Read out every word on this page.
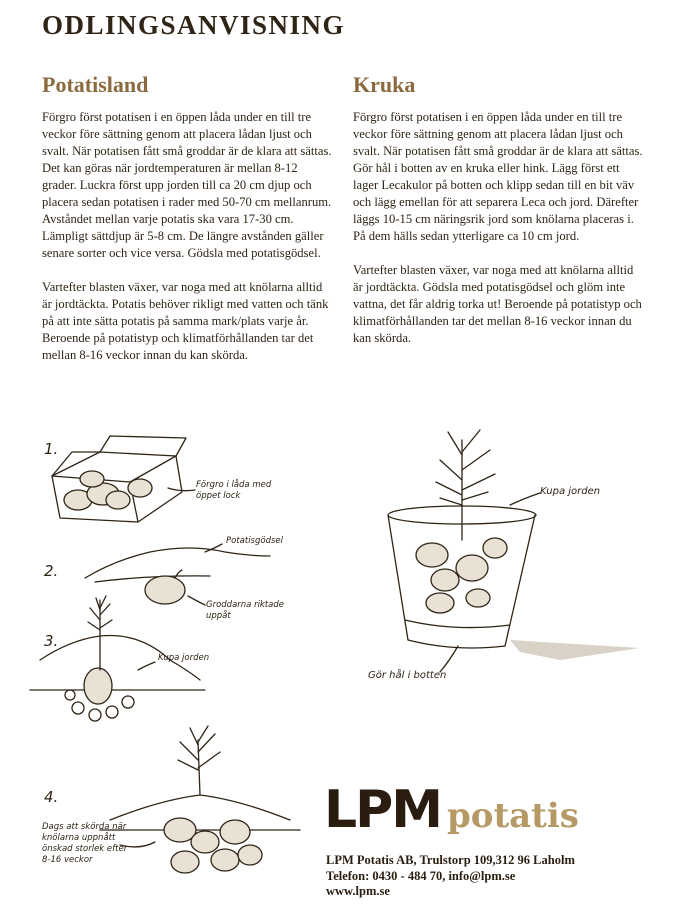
ODLINGSANVISNING
Potatisland

Förgro först potatisen i en öppen låda under en till tre veckor före sättning genom att placera lådan ljust och svalt. När potatisen fått små groddar är de klara att sättas. Det kan göras när jordtemperaturen är mellan 8-12 grader. Luckra först upp jorden till ca 20 cm djup och placera sedan potatisen i rader med 50-70 cm mellanrum. Avståndet mellan varje potatis ska vara 17-30 cm. Lämpligt sättdjup är 5-8 cm. De längre avstånden gäller senare sorter och vice versa. Gödsla med potatisgödsel.

Vartefter blasten växer, var noga med att knölarna alltid är jordtäckta. Potatis behöver rikligt med vatten och tänk på att inte sätta potatis på samma mark/plats varje år. Beroende på potatistyp och klimatförhållanden tar det mellan 8-16 veckor innan du kan skörda.

Kruka

Förgro först potatisen i en öppen låda under en till tre veckor före sättning genom att placera lådan ljust och svalt. När potatisen fått små groddar är de klara att sättas. Gör hål i botten av en kruka eller hink. Lägg först ett lager Lecakulor på botten och klipp sedan till en bit väv och lägg emellan för att separera Leca och jord. Därefter läggs 10-15 cm näringsrik jord som knölarna placeras i. På dem hälls sedan ytterligare ca 10 cm jord.

Vartefter blasten växer, var noga med att knölarna alltid är jordtäckta. Gödsla med potatisgödsel och glöm inte vattna, det får aldrig torka ut! Beroende på potatistyp och klimatförhållanden tar det mellan 8-16 veckor innan du kan skörda.

1.
Förgro i låda med öppet lock
2.
Potatisgödsel
Groddarna riktade uppåt
3.
Kupa jorden
4.
Dags att skörda när knölarna uppnått önskad storlek efter 8-16 veckor
Kupa jorden
Gör hål i botten
LPM potatis
LPM Potatis AB, Trulstorp 109,312 96 Laholm
Telefon: 0430 - 484 70, info@lpm.se
www.lpm.se
